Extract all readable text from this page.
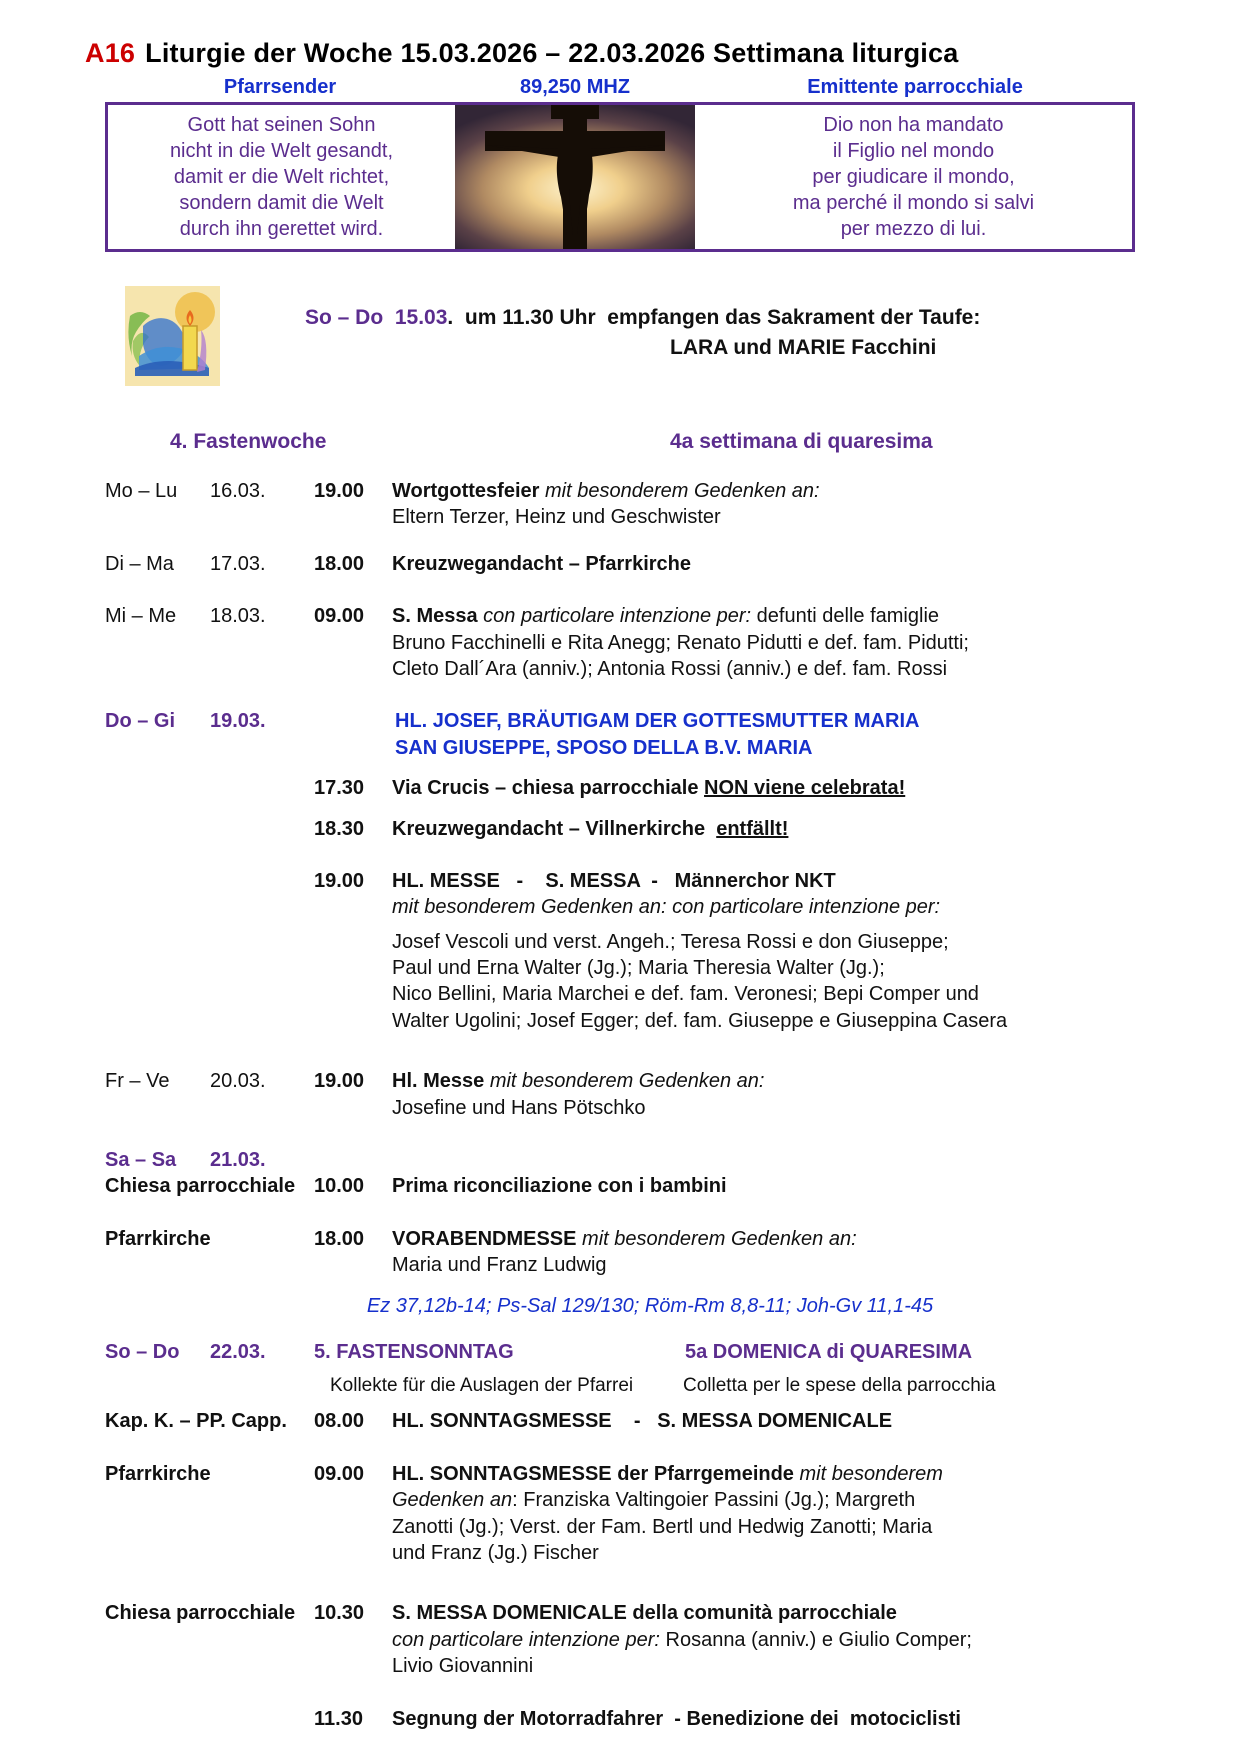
A16 Liturgie der Woche 15.03.2026 – 22.03.2026 Settimana liturgica
Pfarrsender	89,250 MHZ	Emittente parrocchiale
Gott hat seinen Sohn
nicht in die Welt gesandt,
damit er die Welt richtet,
sondern damit die Welt
durch ihn gerettet wird.
Dio non ha mandato
il Figlio nel mondo
per giudicare il mondo,
ma perché il mondo si salvi
per mezzo di lui.
So – Do  15.03.  um 11.30 Uhr  empfangen das Sakrament der Taufe:
LARA und MARIE Facchini
4. Fastenwoche	4a settimana di quaresima
Mo – Lu	16.03.	19.00	Wortgottesfeier mit besonderem Gedenken an:
Eltern Terzer, Heinz und Geschwister
Di – Ma	17.03.	18.00	Kreuzwegandacht – Pfarrkirche
Mi – Me	18.03.	09.00	S. Messa con particolare intenzione per: defunti delle famiglie
Bruno Facchinelli e Rita Anegg; Renato Pidutti e def. fam. Pidutti;
Cleto Dall´Ara (anniv.); Antonia Rossi (anniv.) e def. fam. Rossi
Do – Gi	19.03.	HL. JOSEF, BRÄUTIGAM DER GOTTESMUTTER MARIA
SAN GIUSEPPE, SPOSO DELLA B.V. MARIA
17.30	Via Crucis – chiesa parrocchiale NON viene celebrata!
18.30	Kreuzwegandacht – Villnerkirche  entfällt!
19.00	HL. MESSE   -    S. MESSA  -   Männerchor NKT
mit besonderem Gedenken an: con particolare intenzione per:
Josef Vescoli und verst. Angeh.; Teresa Rossi e don Giuseppe;
Paul und Erna Walter (Jg.); Maria Theresia Walter (Jg.);
Nico Bellini, Maria Marchei e def. fam. Veronesi; Bepi Comper und
Walter Ugolini; Josef Egger; def. fam. Giuseppe e Giuseppina Casera
Fr – Ve	20.03.	19.00	Hl. Messe mit besonderem Gedenken an:
Josefine und Hans Pötschko
Sa – Sa	21.03.
Chiesa parrocchiale 10.00	Prima riconciliazione con i bambini
Pfarrkirche	18.00	VORABENDMESSE mit besonderem Gedenken an:
Maria und Franz Ludwig
Ez 37,12b-14; Ps-Sal 129/130; Röm-Rm 8,8-11; Joh-Gv 11,1-45
So – Do	22.03.	5. FASTENSONNTAG	5a DOMENICA di QUARESIMA
Kollekte für die Auslagen der Pfarrei	Colletta per le spese della parrocchia
Kap. K. – PP. Capp.	08.00	HL. SONNTAGSMESSE    -   S. MESSA DOMENICALE
Pfarrkirche	09.00	HL. SONNTAGSMESSE der Pfarrgemeinde mit besonderem
Gedenken an: Franziska Valtingoier Passini (Jg.); Margreth
Zanotti (Jg.); Verst. der Fam. Bertl und Hedwig Zanotti; Maria
und Franz (Jg.) Fischer
Chiesa parrocchiale 10.30	S. MESSA DOMENICALE della comunità parrocchiale
con particolare intenzione per: Rosanna (anniv.) e Giulio Comper;
Livio Giovannini
11.30	Segnung der Motorradfahrer  - Benedizione dei  motociclisti
